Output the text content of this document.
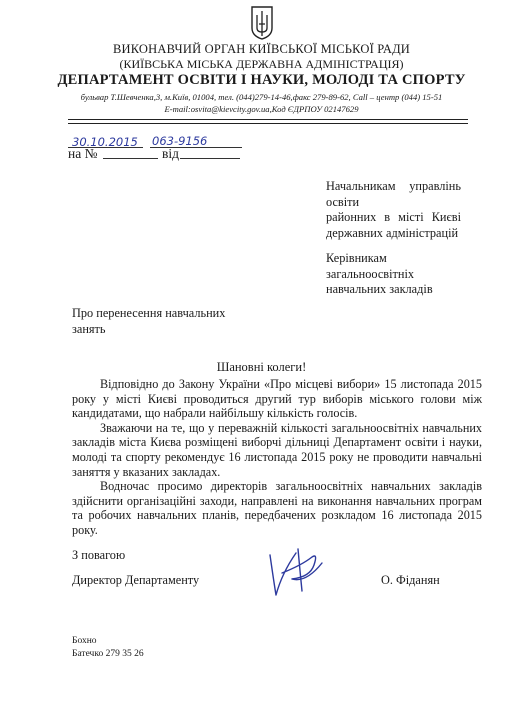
ВИКОНАВЧИЙ ОРГАН КИЇВСЬКОЇ МІСЬКОЇ РАДИ
(КИЇВСЬКА МІСЬКА ДЕРЖАВНА АДМІНІСТРАЦІЯ)
ДЕПАРТАМЕНТ ОСВІТИ І НАУКИ, МОЛОДІ ТА СПОРТУ
бульвар Т.Шевченка,3, м.Київ, 01004, тел. (044)279-14-46,факс 279-89-62, Call – центр (044) 15-51
E-mail:osvita@kievcity.gov.ua,Код ЄДРПОУ 02147629
30.10.2015 063-9156
на №	від
Начальникам управлінь освіти
районних в місті Києві
державних адміністрацій
Керівникам загальноосвітніх
навчальних закладів
Про перенесення навчальних
занять
Шановні колеги!

Відповідно до Закону України «Про місцеві вибори» 15 листопада 2015 року у місті Києві проводиться другий тур виборів міського голови між кандидатами, що набрали найбільшу кількість голосів.

Зважаючи на те, що у переважній кількості загальноосвітніх навчальних закладів міста Києва розміщені виборчі дільниці Департамент освіти і науки, молоді та спорту рекомендує 16 листопада 2015 року не проводити навчальні заняття у вказаних закладах.

Водночас просимо директорів загальноосвітніх навчальних закладів здійснити організаційні заходи, направлені на виконання навчальних програм та робочих навчальних планів, передбачених розкладом 16 листопада 2015 року.

З повагою
Директор Департаменту	О. Фіданян
Бохно
Батечко 279 35 26
